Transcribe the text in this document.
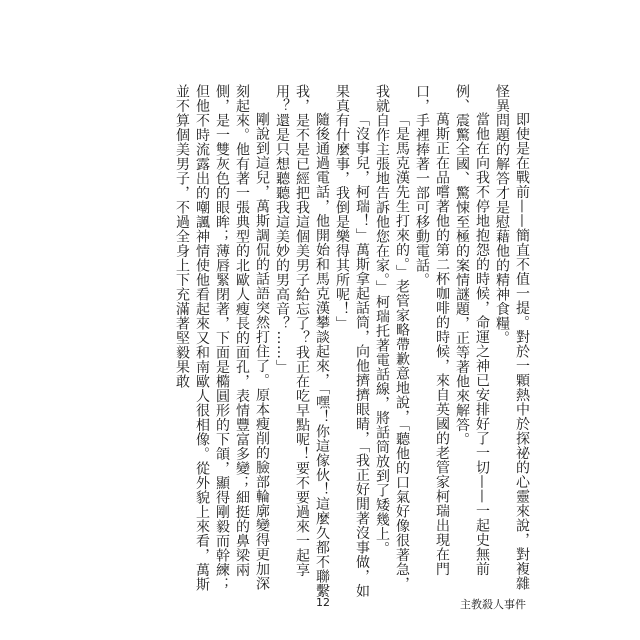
即使是在戰前——簡直不值一提。對於一顆熱中於探祕的心靈來說，對複雜怪異問題的解答才是慰藉他的精神食糧。

當他在向我不停地抱怨的時候，命運之神已安排好了一切——一起史無前例、震驚全國、驚悚至極的案情謎題，正等著他來解答。

萬斯正在品嚐著他的第二杯咖啡的時候，來自英國的老管家柯瑞出現在門口，手裡捧著一部可移動電話。

「是馬克漢先生打來的。」老管家略帶歉意地說，「聽他的口氣好像很著急，我就自作主張地告訴他您在家。」柯瑞托著電話線，將話筒放到了矮幾上。

「沒事兒，柯瑞！」萬斯拿起話筒，向他擠擠眼睛，「我正好閒著沒事做，如果真有什麼事，我倒是樂得其所呢！」

隨後通過電話，他開始和馬克漢攀談起來，「嘿！你這傢伙！這麼久都不聯繫我，是不是已經把我這個美男子給忘了？我正在吃早點呢！要不要過來一起享用？還是只想聽聽我這美妙的男高音？……」

剛說到這兒，萬斯調侃的話語突然打住了。原本瘦削的臉部輪廓變得更加深刻起來。他有著一張典型的北歐人瘦長的面孔，表情豐富多變；細挺的鼻梁兩側，是一雙灰色的眼眸；薄唇緊閉著，下面是橢圓形的下頜，顯得剛毅而幹練；但他不時流露出的嘲諷神情使他看起來又和南歐人很相像。從外貌上來看，萬斯並不算個美男子，不過全身上下充滿著堅毅果敢

12	主教殺人事件
